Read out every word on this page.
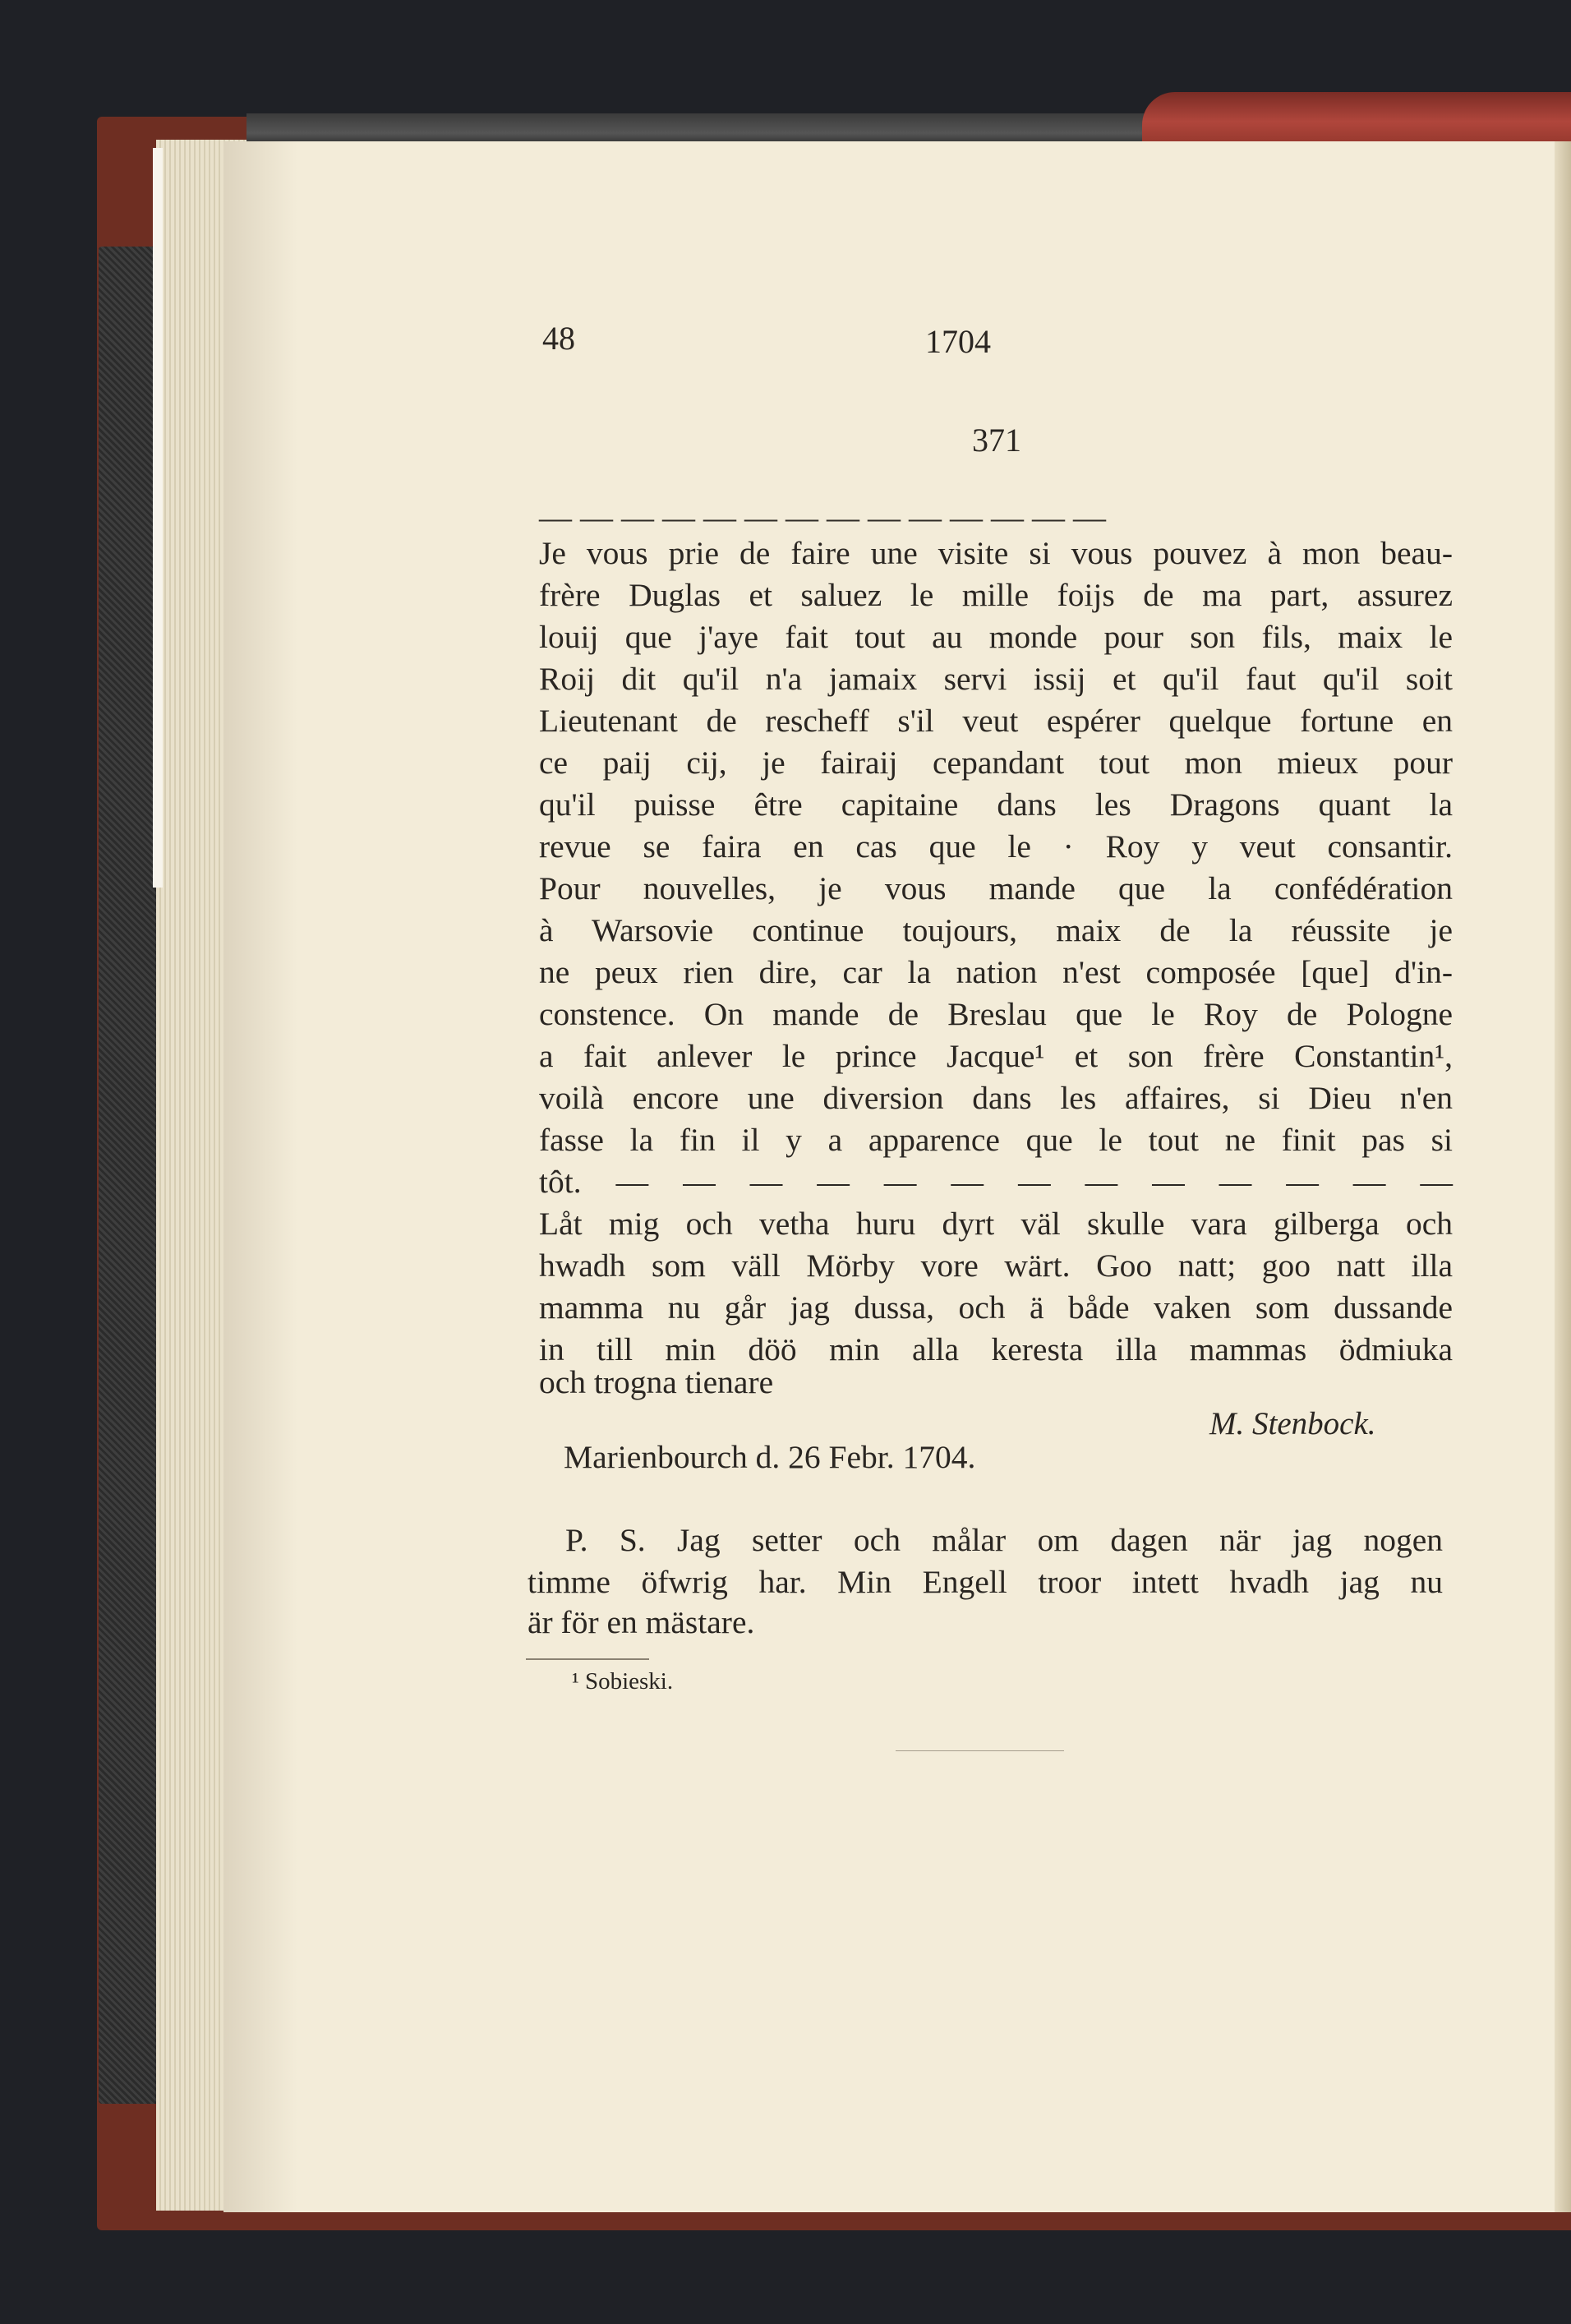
48	1704
371
— — — — — — — — — — — — — —
Je vous prie de faire une visite si vous pouvez à mon beau-
frère Duglas et saluez le mille foijs de ma part, assurez
louij que j'aye fait tout au monde pour son fils, maix le
Roij dit qu'il n'a jamaix servi issij et qu'il faut qu'il soit
Lieutenant de rescheff s'il veut espérer quelque fortune en
ce paij cij, je fairaij cepandant tout mon mieux pour
qu'il puisse être capitaine dans les Dragons quant la
revue se faira en cas que le · Roy y veut consantir.
Pour nouvelles, je vous mande que la confédération
à Warsovie continue toujours, maix de la réussite je
ne peux rien dire, car la nation n'est composée [que] d'in-
constence. On mande de Breslau que le Roy de Pologne
a fait anlever le prince Jacque¹ et son frère Constantin¹,
voilà encore une diversion dans les affaires, si Dieu n'en
fasse la fin il y a apparence que le tout ne finit pas si
tôt. — — — — — — — — — — — — —
Låt mig och vetha huru dyrt väl skulle vara gilberga och
hwadh som väll Mörby vore wärt. Goo natt; goo natt illa
mamma nu går jag dussa, och ä både vaken som dussande
in till min döö min alla keresta illa mammas ödmiuka
och trogna tienare
M. Stenbock.
Marienbourch d. 26 Febr. 1704.
P. S. Jag setter och målar om dagen när jag nogen
timme öfwrig har. Min Engell troor intett hvadh jag nu
är för en mästare.
¹ Sobieski.
